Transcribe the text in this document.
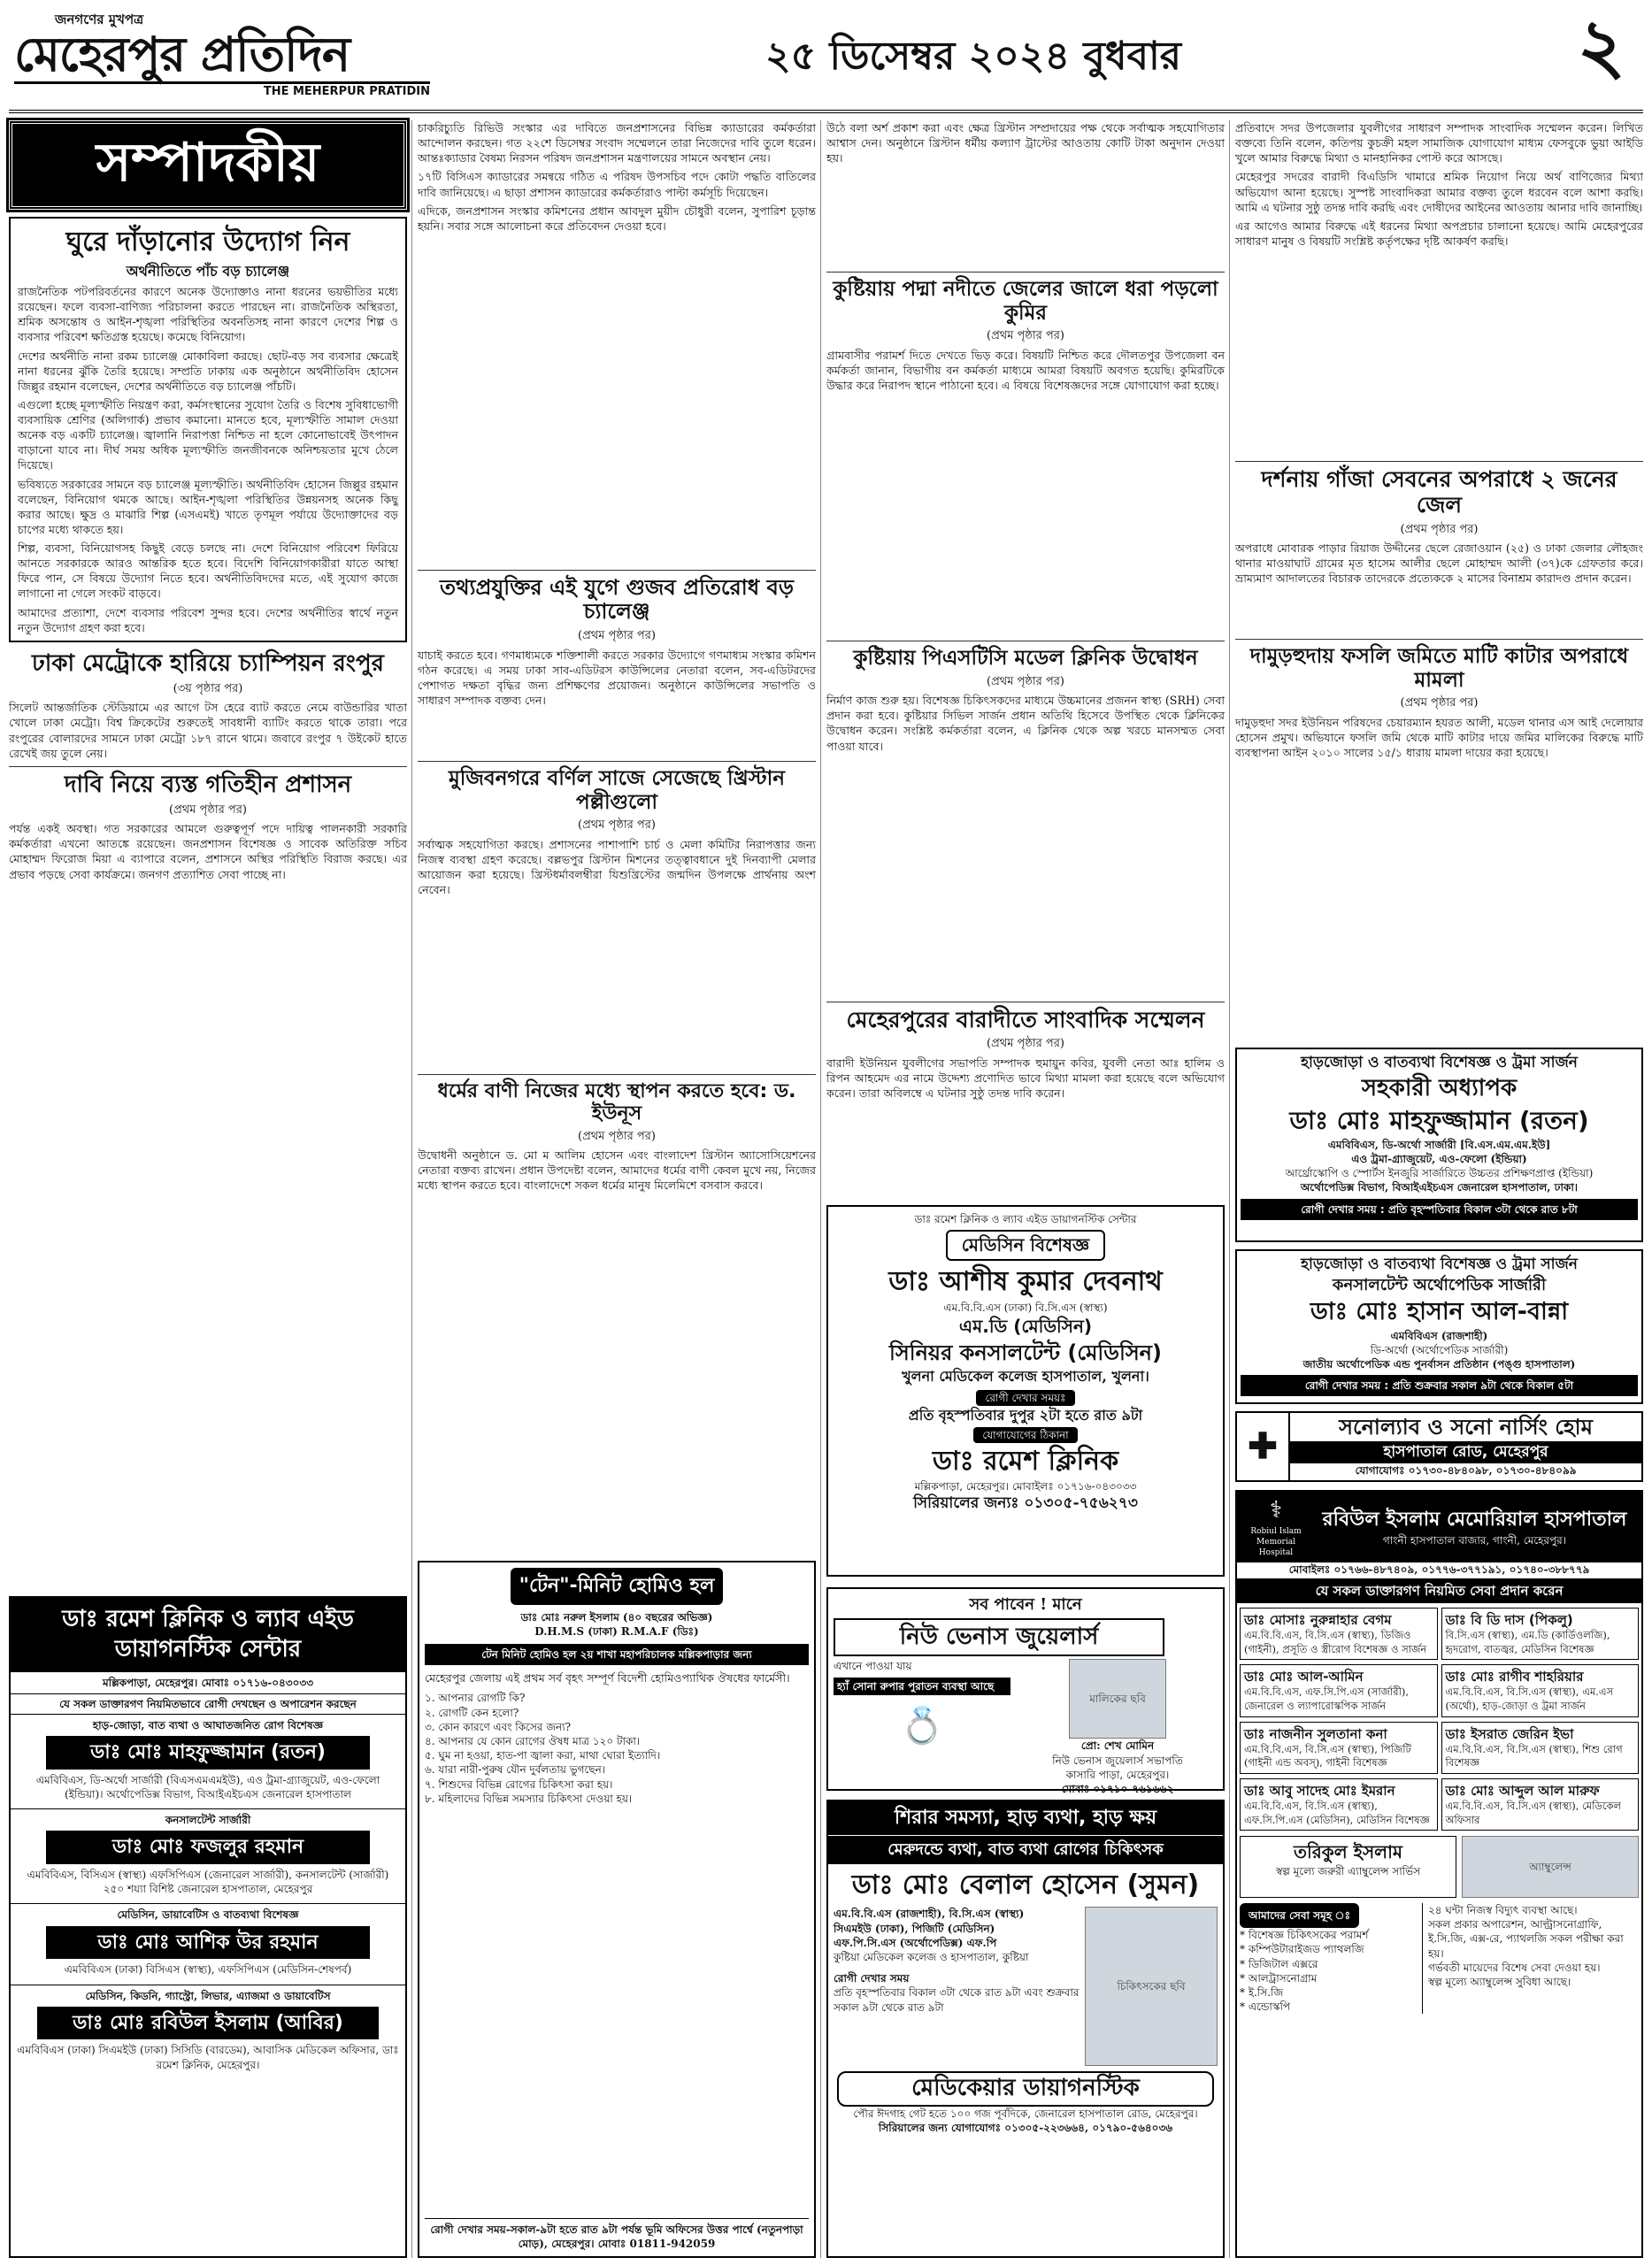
জনগণের মুখপত্র
মেহেরপুর প্রতিদিন
THE MEHERPUR PRATIDIN
২৫ ডিসেম্বর ২০২৪ বুধবার	২
সম্পাদকীয়
ঘুরে দাঁড়ানোর উদ্যোগ নিন
অর্থনীতিতে পাঁচ বড় চ্যালেঞ্জ

রাজনৈতিক পটপরিবর্তনের কারণে অনেক উদ্যোক্তাও নানা ধরনের ভয়ভীতির মধ্যে রয়েছেন। ফলে ব্যবসা-বাণিজ্য পরিচালনা করতে পারছেন না। রাজনৈতিক অস্থিরতা, শ্রমিক অসন্তোষ ও আইন-শৃঙ্খলা পরিস্থিতির অবনতিসহ নানা কারণে দেশের শিল্প ও ব্যবসার পরিবেশ ক্ষতিগ্রস্ত হয়েছে। কমেছে বিনিয়োগ।

দেশের অর্থনীতি নানা রকম চ্যালেঞ্জ মোকাবিলা করছে। ছোট-বড় সব ব্যবসার ক্ষেত্রেই নানা ধরনের ঝুঁকি তৈরি হয়েছে। সম্প্রতি ঢাকায় এক অনুষ্ঠানে অর্থনীতিবিদ হোসেন জিল্লুর রহমান বলেছেন, দেশের অর্থনীতিতে বড় চ্যালেঞ্জ পাঁচটি।

এগুলো হচ্ছে মূল্যস্ফীতি নিয়ন্ত্রণ করা, কর্মসংস্থানের সুযোগ তৈরি ও বিশেষ সুবিধাভোগী ব্যবসায়িক শ্রেণির (অলিগার্ক) প্রভাব কমানো। মানতে হবে, মূল্যস্ফীতি সামাল দেওয়া অনেক বড় একটি চ্যালেঞ্জ। জ্বালানি নিরাপত্তা নিশ্চিত না হলে কোনোভাবেই উৎপাদন বাড়ানো যাবে না। দীর্ঘ সময় অধিক মূল্যস্ফীতি জনজীবনকে অনিশ্চয়তার মুখে ঠেলে দিয়েছে।

ভবিষ্যতে সরকারের সামনে বড় চ্যালেঞ্জ মূল্যস্ফীতি। অর্থনীতিবিদ হোসেন জিল্লুর রহমান বলেছেন, বিনিয়োগ থমকে আছে। আইন-শৃঙ্খলা পরিস্থিতির উন্নয়নসহ অনেক কিছু করার আছে। ক্ষুদ্র ও মাঝারি শিল্প (এসএমই) খাতে তৃণমূল পর্যায়ে উদ্যোক্তাদের বড় চাপের মধ্যে থাকতে হয়।

শিল্প, ব্যবসা, বিনিয়োগসহ কিছুই বেড়ে চলছে না। দেশে বিনিয়োগ পরিবেশ ফিরিয়ে আনতে সরকারকে আরও আন্তরিক হতে হবে। বিদেশি বিনিয়োগকারীরা যাতে আস্থা ফিরে পান, সে বিষয়ে উদ্যোগ নিতে হবে। অর্থনীতিবিদদের মতে, এই সুযোগ কাজে লাগানো না গেলে সংকট বাড়বে।

আমাদের প্রত্যাশা, দেশে ব্যবসার পরিবেশ সুন্দর হবে। দেশের অর্থনীতির স্বার্থে নতুন নতুন উদ্যোগ গ্রহণ করা হবে।

ঢাকা মেট্রোকে হারিয়ে চ্যাম্পিয়ন রংপুর
(৩য় পৃষ্ঠার পর)

সিলেট আন্তর্জাতিক স্টেডিয়ামে এর আগে টস হেরে ব্যাট করতে নেমে বাউন্ডারির খাতা খোলে ঢাকা মেট্রো। বিশ্ব ক্রিকেটের শুরুতেই সাবধানী ব্যাটিং করতে থাকে তারা। পরে রংপুরের বোলারদের সামনে ঢাকা মেট্রো ১৮৭ রানে থামে। জবাবে রংপুর ৭ উইকেট হাতে রেখেই জয় তুলে নেয়।

দাবি নিয়ে ব্যস্ত গতিহীন প্রশাসন
(প্রথম পৃষ্ঠার পর)

পর্যন্ত একই অবস্থা। গত সরকারের আমলে গুরুত্বপূর্ণ পদে দায়িত্ব পালনকারী সরকারি কর্মকর্তারা এখনো আতঙ্কে রয়েছেন। জনপ্রশাসন বিশেষজ্ঞ ও সাবেক অতিরিক্ত সচিব মোহাম্মদ ফিরোজ মিয়া এ ব্যাপারে বলেন, প্রশাসনে অস্থির পরিস্থিতি বিরাজ করছে। এর প্রভাব পড়ছে সেবা কার্যক্রমে। জনগণ প্রত্যাশিত সেবা পাচ্ছে না।

ডাঃ রমেশ ক্লিনিক ও ল্যাব এইড ডায়াগনস্টিক সেন্টার
মল্লিকপাড়া, মেহেরপুর। মোবাঃ ০১৭১৬-০৪৩০৩৩
যে সকল ডাক্তারগণ নিয়মিতভাবে রোগী দেখছেন ও অপারেশন করছেন
হাড়-জোড়া, বাত ব্যথা ও আঘাতজনিত রোগ বিশেষজ্ঞ
ডাঃ মোঃ মাহফুজ্জামান (রতন)
এমবিবিএস, ডি-অর্থো সার্জারী (বিএসএমএমইউ), এও ট্রমা-গ্র্যাজুয়েট, এও-ফেলো (ইন্ডিয়া)। অর্থোপেডিক্স বিভাগ, বিআইএইচএস জেনারেল হাসপাতাল
কনসালটেন্ট সার্জারী
ডাঃ মোঃ ফজলুর রহমান
এমবিবিএস, বিসিএস (স্বাস্থ্য) এফসিপিএস (জেনারেল সার্জারী), কনসালটেন্ট (সার্জারী) ২৫০ শয্যা বিশিষ্ট জেনারেল হাসপাতাল, মেহেরপুর
মেডিসিন, ডায়াবেটিস ও বাতব্যথা বিশেষজ্ঞ
ডাঃ মোঃ আশিক উর রহমান
এমবিবিএস (ঢাকা) বিসিএস (স্বাস্থ্য), এফসিপিএস (মেডিসিন-শেষপর্ব)
মেডিসিন, কিডনি, গ্যাস্ট্রো, লিভার, এ্যাজমা ও ডায়াবেটিস
ডাঃ মোঃ রবিউল ইসলাম (আবির)
এমবিবিএস (ঢাকা) সিএমইউ (ঢাকা) সিসিডি (বারডেম), আবাসিক মেডিকেল অফিসার, ডাঃ রমেশ ক্লিনিক, মেহেরপুর।

চাকরিচ্যুতি রিভিউ সংস্কার এর দাবিতে জনপ্রশাসনের বিভিন্ন ক্যাডারের কর্মকর্তারা আন্দোলন করছেন। গত ২২শে ডিসেম্বর সংবাদ সম্মেলনে তারা নিজেদের দাবি তুলে ধরেন। আন্তঃক্যাডার বৈষম্য নিরসন পরিষদ জনপ্রশাসন মন্ত্রণালয়ের সামনে অবস্থান নেয়।

১৭টি বিসিএস ক্যাডারের সমন্বয়ে গঠিত এ পরিষদ উপসচিব পদে কোটা পদ্ধতি বাতিলের দাবি জানিয়েছে। এ ছাড়া প্রশাসন ক্যাডারের কর্মকর্তারাও পাল্টা কর্মসূচি দিয়েছেন।

এদিকে, জনপ্রশাসন সংস্কার কমিশনের প্রধান আবদুল মুয়ীদ চৌধুরী বলেন, সুপারিশ চূড়ান্ত হয়নি। সবার সঙ্গে আলোচনা করে প্রতিবেদন দেওয়া হবে।

তথ্যপ্রযুক্তির এই যুগে গুজব প্রতিরোধ বড় চ্যালেঞ্জ
(প্রথম পৃষ্ঠার পর)

যাচাই করতে হবে। গণমাধ্যমকে শক্তিশালী করতে সরকার উদ্যোগে গণমাধ্যম সংস্কার কমিশন গঠন করেছে। এ সময় ঢাকা সাব-এডিটরস কাউন্সিলের নেতারা বলেন, সব-এডিটরদের পেশাগত দক্ষতা বৃদ্ধির জন্য প্রশিক্ষণের প্রয়োজন। অনুষ্ঠানে কাউন্সিলের সভাপতি ও সাধারণ সম্পাদক বক্তব্য দেন।

মুজিবনগরে বর্ণিল সাজে সেজেছে খ্রিস্টান পল্লীগুলো
(প্রথম পৃষ্ঠার পর)

সর্বাত্মক সহযোগিতা করছে। প্রশাসনের পাশাপাশি চার্চ ও মেলা কমিটির নিরাপত্তার জন্য নিজস্ব ব্যবস্থা গ্রহণ করেছে। বল্লভপুর খ্রিস্টান মিশনের তত্ত্বাবধানে দুই দিনব্যাপী মেলার আয়োজন করা হয়েছে। খ্রিস্টধর্মাবলম্বীরা যিশুখ্রিস্টের জন্মদিন উপলক্ষে প্রার্থনায় অংশ নেবেন।

ধর্মের বাণী নিজের মধ্যে স্থাপন করতে হবে: ড. ইউনূস
(প্রথম পৃষ্ঠার পর)

উদ্বোধনী অনুষ্ঠানে ড. মো ম আলিম হোসেন এবং বাংলাদেশ খ্রিস্টান অ্যাসোসিয়েশনের নেতারা বক্তব্য রাখেন। প্রধান উপদেষ্টা বলেন, আমাদের ধর্মের বাণী কেবল মুখে নয়, নিজের মধ্যে স্থাপন করতে হবে। বাংলাদেশে সকল ধর্মের মানুষ মিলেমিশে বসবাস করবে।

"টেন"-মিনিট হোমিও হল
ডাঃ মোঃ নরুল ইসলাম (৪০ বছরের অভিজ্ঞ)
D.H.M.S (ঢাকা) R.M.A.F (ডিঃ)
টেন মিনিট হোমিও হল ২য় শাখা মহাপরিচালক মল্লিকপাড়ার জন্য

মেহেরপুর জেলায় এই প্রথম সর্ব বৃহৎ সম্পূর্ণ বিদেশী হোমিওপ্যাথিক ঔষধের ফার্মেসী।

১. আপনার রোগটি কি?
২. রোগটি কেন হলো?
৩. কোন কারণে এবং কিসের জন্য?
৪. আপনার যে কোন রোগের ঔষধ মাত্র ১২০ টাকা।
৫. ঘুম না হওয়া, হাত-পা জ্বালা করা, মাথা ঘোরা ইত্যাদি।
৬. যারা নারী-পুরুষ যৌন দুর্বলতায় ভুগছেন।
৭. শিশুদের বিভিন্ন রোগের চিকিৎসা করা হয়।
৮. মহিলাদের বিভিন্ন সমস্যার চিকিৎসা দেওয়া হয়।
রোগী দেখার সময়-সকাল-৯টা হতে রাত ৯টা পর্যন্ত ভূমি অফিসের উত্তর পার্শ্বে (নতুনপাড়া মোড়), মেহেরপুর। মোবাঃ 01811-942059

উঠে বলা অর্শ প্রকাশ করা এবং ক্ষেত্র খ্রিস্টান সম্প্রদায়ের পক্ষ থেকে সর্বাত্মক সহযোগিতার আশ্বাস দেন। অনুষ্ঠানে খ্রিস্টান ধর্মীয় কল্যাণ ট্রাস্টের আওতায় কোটি টাকা অনুদান দেওয়া হয়।

কুষ্টিয়ায় পদ্মা নদীতে জেলের জালে ধরা পড়লো কুমির
(প্রথম পৃষ্ঠার পর)

গ্রামবাসীর পরামর্শ দিতে দেখতে ভিড় করে। বিষয়টি নিশ্চিত করে দৌলতপুর উপজেলা বন কর্মকর্তা জানান, বিভাগীয় বন কর্মকর্তা মাধ্যমে আমরা বিষয়টি অবগত হয়েছি। কুমিরটিকে উদ্ধার করে নিরাপদ স্থানে পাঠানো হবে। এ বিষয়ে বিশেষজ্ঞদের সঙ্গে যোগাযোগ করা হচ্ছে।

কুষ্টিয়ায় পিএসটিসি মডেল ক্লিনিক উদ্বোধন
(প্রথম পৃষ্ঠার পর)

নির্মাণ কাজ শুরু হয়। বিশেষজ্ঞ চিকিৎসকদের মাধ্যমে উচ্চমানের প্রজনন স্বাস্থ্য (SRH) সেবা প্রদান করা হবে। কুষ্টিয়ার সিভিল সার্জন প্রধান অতিথি হিসেবে উপস্থিত থেকে ক্লিনিকের উদ্বোধন করেন। সংশ্লিষ্ট কর্মকর্তারা বলেন, এ ক্লিনিক থেকে অল্প খরচে মানসম্মত সেবা পাওয়া যাবে।

মেহেরপুরের বারাদীতে সাংবাদিক সম্মেলন
(প্রথম পৃষ্ঠার পর)

বারাদী ইউনিয়ন যুবলীগের সভাপতি সম্পাদক হুমায়ুন কবির, যুবলী নেতা আঃ হালিম ও রিপন আহমেদ এর নামে উদ্দেশ্য প্রণোদিত ভাবে মিথ্যা মামলা করা হয়েছে বলে অভিযোগ করেন। তারা অবিলম্বে এ ঘটনার সুষ্ঠু তদন্ত দাবি করেন।

ডাঃ রমেশ ক্লিনিক ও ল্যাব এইড ডায়াগনস্টিক সেন্টার
মেডিসিন বিশেষজ্ঞ
ডাঃ আশীষ কুমার দেবনাথ
এম.বি.বি.এস (ঢাকা) বি.সি.এস (স্বাস্থ্য)
এম.ডি (মেডিসিন)
সিনিয়র কনসালটেন্ট (মেডিসিন)
খুলনা মেডিকেল কলেজ হাসপাতাল, খুলনা।
রোগী দেখার সময়ঃ
প্রতি বৃহস্পতিবার দুপুর ২টা হতে রাত ৯টা
যোগাযোগের ঠিকানা
ডাঃ রমেশ ক্লিনিক
মল্লিকপাড়া, মেহেরপুর। মোবাইলঃ ০১৭১৬-০৪৩০৩৩
সিরিয়ালের জন্যঃ ০১৩০৫-৭৫৬২৭৩
সব পাবেন ! মানে
নিউ ভেনাস জুয়েলার্স
এখানে পাওয়া যায়
হ্যাঁ সোনা রুপার পুরাতন ব্যবস্থা আছে
💍
মালিকের ছবি
প্রো: শেখ মোমিন
নিউ ভেনাস জুয়েলার্স সভাপতি
কাসারি পাড়া, মেহেরপুর।
মোবাঃ ০১৭১০-৭৬১৬৬২
শিরার সমস্যা, হাড় ব্যথা, হাড় ক্ষয়
মেরুদন্ডে ব্যথা, বাত ব্যথা রোগের চিকিৎসক
ডাঃ মোঃ বেলাল হোসেন (সুমন)
এম.বি.বি.এস (রাজশাহী), বি.সি.এস (স্বাস্থ্য)
সিএমইউ (ঢাকা), পিজিটি (মেডিসিন)
এফ.পি.সি.এস (অর্থোপেডিক্স) এফ.পি
কুষ্টিয়া মেডিকেল কলেজ ও হাসপাতাল, কুষ্টিয়া
রোগী দেখার সময়
প্রতি বৃহস্পতিবার বিকাল ৩টা থেকে রাত ৯টা এবং শুক্রবার সকাল ৯টা থেকে রাত ৯টা
চিকিৎসকের ছবি
মেডিকেয়ার ডায়াগনস্টিক
পৌর ঈদগাহ গেট হতে ১০০ গজ পূর্বদিকে, জেনারেল হাসপাতাল রোড, মেহেরপুর।
সিরিয়ালের জন্য যোগাযোগঃ ০১৩০৫-২২৩৬৬৪, ০১৭৯০-৫৬৪০৩৬

প্রতিবাদে সদর উপজেলার যুবলীগের সাধারণ সম্পাদক সাংবাদিক সম্মেলন করেন। লিখিত বক্তব্যে তিনি বলেন, কতিপয় কুচক্রী মহল সামাজিক যোগাযোগ মাধ্যম ফেসবুকে ভুয়া আইডি খুলে আমার বিরুদ্ধে মিথ্যা ও মানহানিকর পোস্ট করে আসছে।

মেহেরপুর সদরের বারাদী বিএডিসি খামারে শ্রমিক নিয়োগ নিয়ে অর্থ বাণিজ্যের মিথ্যা অভিযোগ আনা হয়েছে। সুস্পষ্ট সাংবাদিকরা আমার বক্তব্য তুলে ধরবেন বলে আশা করছি। আমি এ ঘটনার সুষ্ঠু তদন্ত দাবি করছি এবং দোষীদের আইনের আওতায় আনার দাবি জানাচ্ছি।

এর আগেও আমার বিরুদ্ধে এই ধরনের মিথ্যা অপপ্রচার চালানো হয়েছে। আমি মেহেরপুরের সাধারণ মানুষ ও বিষয়টি সংশ্লিষ্ট কর্তৃপক্ষের দৃষ্টি আকর্ষণ করছি।

দর্শনায় গাঁজা সেবনের অপরাধে ২ জনের জেল
(প্রথম পৃষ্ঠার পর)

অপরাধে মোবারক পাড়ার রিয়াজ উদ্দীনের ছেলে রেজাওয়ান (২৫) ও ঢাকা জেলার লৌহজং থানার মাওয়াঘাট গ্রামের মৃত হাসেম আলীর ছেলে মোহাম্মদ আলী (৩৭)কে গ্রেফতার করে। ভ্রাম্যমাণ আদালতের বিচারক তাদেরকে প্রত্যেককে ২ মাসের বিনাশ্রম কারাদণ্ড প্রদান করেন।

দামুড়হুদায় ফসলি জমিতে মাটি কাটার অপরাধে মামলা
(প্রথম পৃষ্ঠার পর)

দামুড়হুদা সদর ইউনিয়ন পরিষদের চেয়ারম্যান হযরত আলী, মডেল থানার এস আই দেলোয়ার হোসেন প্রমুখ। অভিযানে ফসলি জমি থেকে মাটি কাটার দায়ে জমির মালিকের বিরুদ্ধে মাটি ব্যবস্থাপনা আইন ২০১০ সালের ১৫/১ ধারায় মামলা দায়ের করা হয়েছে।

হাড়জোড়া ও বাতব্যথা বিশেষজ্ঞ ও ট্রমা সার্জন
সহকারী অধ্যাপক
ডাঃ মোঃ মাহফুজ্জামান (রতন)
এমবিবিএস, ডি-অর্থো সার্জারী [বি.এস.এম.এম.ইউ]
এও ট্রমা-গ্র্যাজুয়েট, এও-ফেলো (ইন্ডিয়া)
আর্থ্রোস্কোপি ও স্পোর্টস ইনজুরি সার্জারিতে উচ্চতর প্রশিক্ষণপ্রাপ্ত (ইন্ডিয়া)
অর্থোপেডিক্স বিভাগ, বিআইএইচএস জেনারেল হাসপাতাল, ঢাকা।
রোগী দেখার সময় : প্রতি বৃহস্পতিবার বিকাল ৩টা থেকে রাত ৮টা
হাড়জোড়া ও বাতব্যথা বিশেষজ্ঞ ও ট্রমা সার্জন
কনসালটেন্ট অর্থোপেডিক সার্জারী
ডাঃ মোঃ হাসান আল-বান্না
এমবিবিএস (রাজশাহী)
ডি-অর্থো (অর্থোপেডিক সার্জারী)
জাতীয় অর্থোপেডিক এন্ড পুনর্বাসন প্রতিষ্ঠান (পঙ্গু হাসপাতাল)
রোগী দেখার সময় : প্রতি শুক্রবার সকাল ৯টা থেকে বিকাল ৫টা
✚	সনোল্যাব ও সনো নার্সিং হোম
হাসপাতাল রোড, মেহেরপুর
যোগাযোগঃ ০১৭৩০-৪৮৪০৯৮, ০১৭৩০-৪৮৪০৯৯
⚕
Robiul Islam Memorial Hospital
রবিউল ইসলাম মেমোরিয়াল হাসপাতাল
গাংনী হাসপাতাল বাজার, গাংনী, মেহেরপুর।
মোবাইলঃ ০১৭৬৬-৪৮৭৪০৯, ০১৭৭৬-৩৭৭১৯১, ০১৭৪০-৩৮৮৭৭৯
যে সকল ডাক্তারগণ নিয়মিত সেবা প্রদান করেন
ডাঃ মোসাঃ নুরুন্নাহার বেগম
এম.বি.বি.এস, বি.সি.এস (স্বাস্থ্য), ডিজিও (গাইনী), প্রসূতি ও স্ত্রীরোগ বিশেষজ্ঞ ও সার্জন
ডাঃ বি ডি দাস (পিকলু)
বি.সি.এস (স্বাস্থ্য), এম.ডি (কার্ডিওলজি), হৃদরোগ, বাতজ্বর, মেডিসিন বিশেষজ্ঞ
ডাঃ মোঃ আল-আমিন
এম.বি.বি.এস, এফ.সি.পি.এস (সার্জারী), জেনারেল ও ল্যাপারোস্কপিক সার্জন
ডাঃ মোঃ রাগীব শাহরিয়ার
এম.বি.বি.এস, বি.সি.এস (স্বাস্থ্য), এম.এস (অর্থো), হাড়-জোড়া ও ট্রমা সার্জন
ডাঃ নাজনীন সুলতানা কনা
এম.বি.বি.এস, বি.সি.এস (স্বাস্থ্য), পিজিটি (গাইনী এন্ড অবস্), গাইনী বিশেষজ্ঞ
ডাঃ ইসরাত জেরিন ইভা
এম.বি.বি.এস, বি.সি.এস (স্বাস্থ্য), শিশু রোগ বিশেষজ্ঞ
ডাঃ আবু সাদেহ মোঃ ইমরান
এম.বি.বি.এস, বি.সি.এস (স্বাস্থ্য), এফ.সি.পি.এস (মেডিসিন), মেডিসিন বিশেষজ্ঞ
ডাঃ মোঃ আব্দুল আল মারুফ
এম.বি.বি.এস, বি.সি.এস (স্বাস্থ্য), মেডিকেল অফিসার
তরিকুল ইসলাম
স্বল্প মূল্যে জরুরী এ্যাম্বুলেন্স সার্ভিস	অ্যাম্বুলেন্স
আমাদের সেবা সমূহ ঃ
* বিশেষজ্ঞ চিকিৎসকের পরামর্শ
* কম্পিউটারাইজড প্যাথলজি
* ডিজিটাল এক্সরে
* আলট্রাসনোগ্রাম
* ই.সি.জি
* এন্ডোস্কপি
২৪ ঘন্টা নিজস্ব বিদ্যুৎ ব্যবস্থা আছে।
সকল প্রকার অপারেশন, আল্ট্রাসনোগ্রাফি, ই.সি.জি, এক্স-রে, প্যাথলজি সকল পরীক্ষা করা হয়।
গর্ভবতী মায়েদের বিশেষ সেবা দেওয়া হয়।
স্বল্প মূল্যে অ্যাম্বুলেন্স সুবিধা আছে।
